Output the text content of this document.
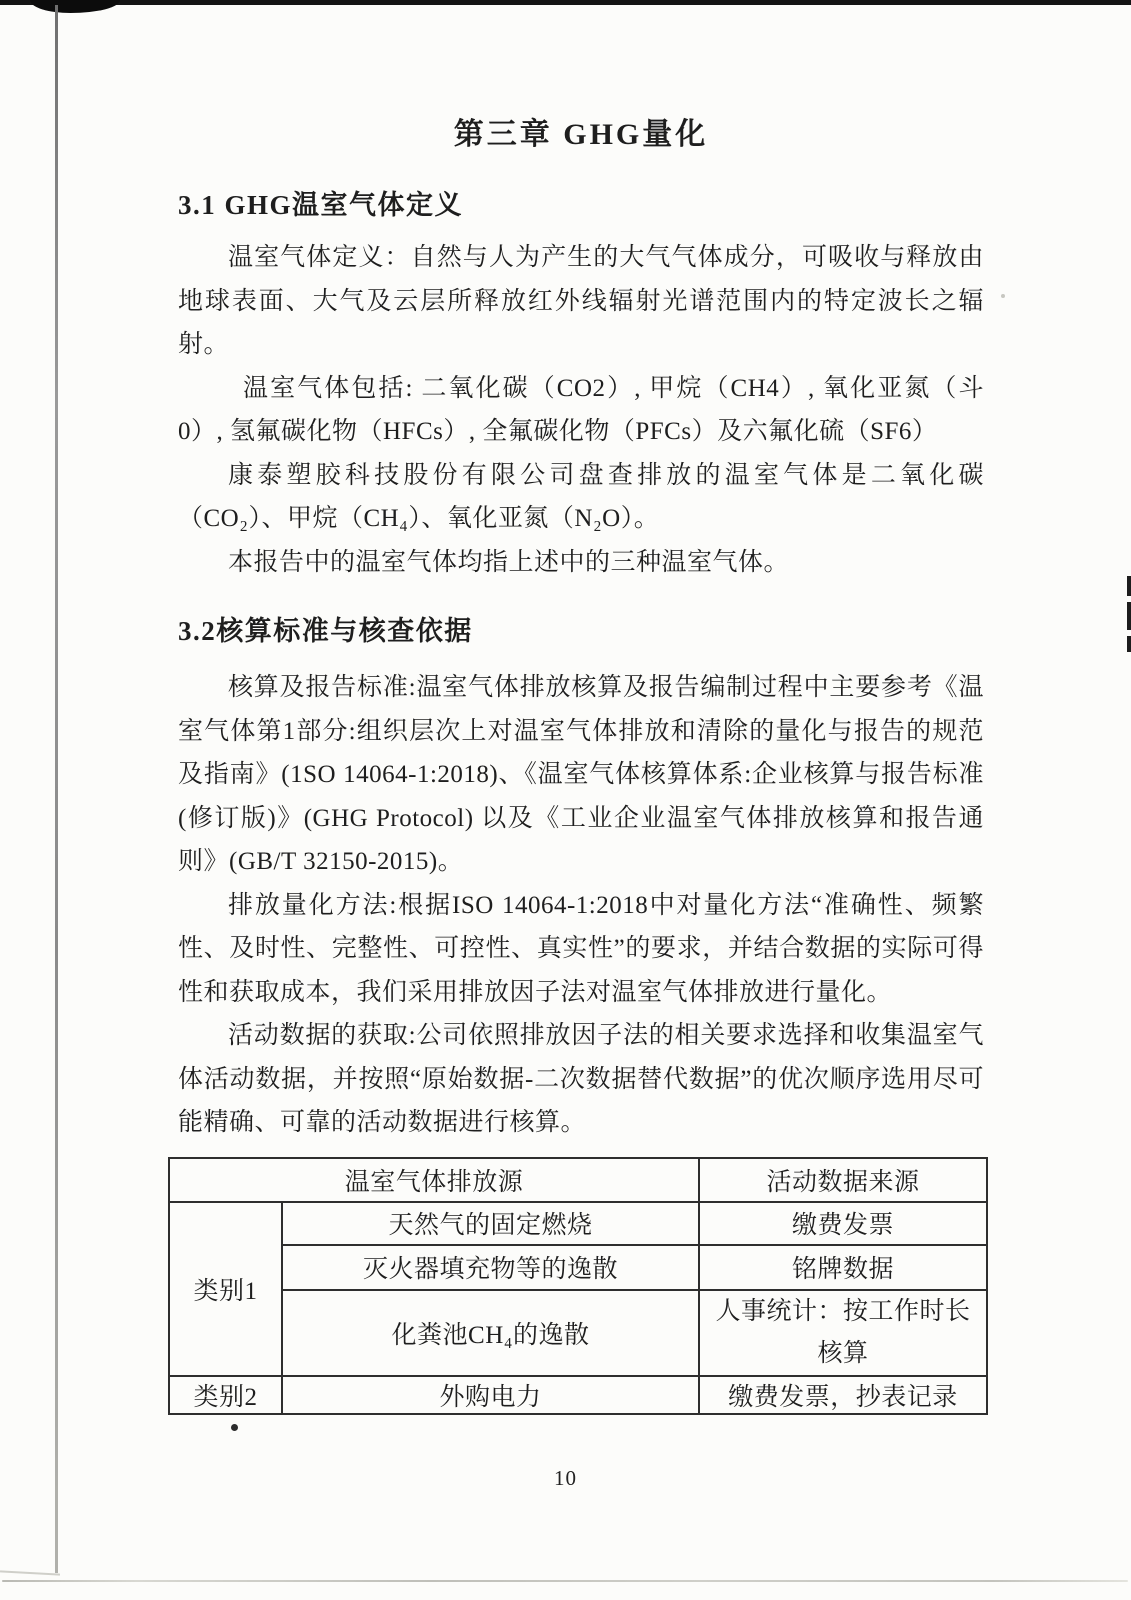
第三章 GHG量化
3.1 GHG温室气体定义

温室气体定义：自然与人为产生的大气气体成分，可吸收与释放由地球表面、大气及云层所释放红外线辐射光谱范围内的特定波长之辐射。

温室气体包括: 二氧化碳（CO2）, 甲烷（CH4）, 氧化亚氮（斗0）, 氢氟碳化物（HFCs）, 全氟碳化物（PFCs）及六氟化硫（SF6）

康泰塑胶科技股份有限公司盘查排放的温室气体是二氧化碳（CO₂）、甲烷（CH₄）、氧化亚氮（N₂O）。

本报告中的温室气体均指上述中的三种温室气体。

3.2核算标准与核查依据

核算及报告标准:温室气体排放核算及报告编制过程中主要参考《温室气体第1部分:组织层次上对温室气体排放和清除的量化与报告的规范及指南》(1SO 14064-1:2018)、《温室气体核算体系:企业核算与报告标准(修订版)》(GHG Protocol) 以及《工业企业温室气体排放核算和报告通则》(GB/T 32150-2015)。

排放量化方法:根据ISO 14064-1:2018中对量化方法“准确性、频繁性、及时性、完整性、可控性、真实性”的要求，并结合数据的实际可得性和获取成本，我们采用排放因子法对温室气体排放进行量化。

活动数据的获取:公司依照排放因子法的相关要求选择和收集温室气体活动数据，并按照“原始数据-二次数据替代数据”的优次顺序选用尽可能精确、可靠的活动数据进行核算。

温室气体排放源		活动数据来源
类别1	天然气的固定燃烧	缴费发票
	灭火器填充物等的逸散	铭牌数据
	化粪池CH₄的逸散	人事统计：按工作时长核算
类别2	外购电力	缴费发票，抄表记录
10
